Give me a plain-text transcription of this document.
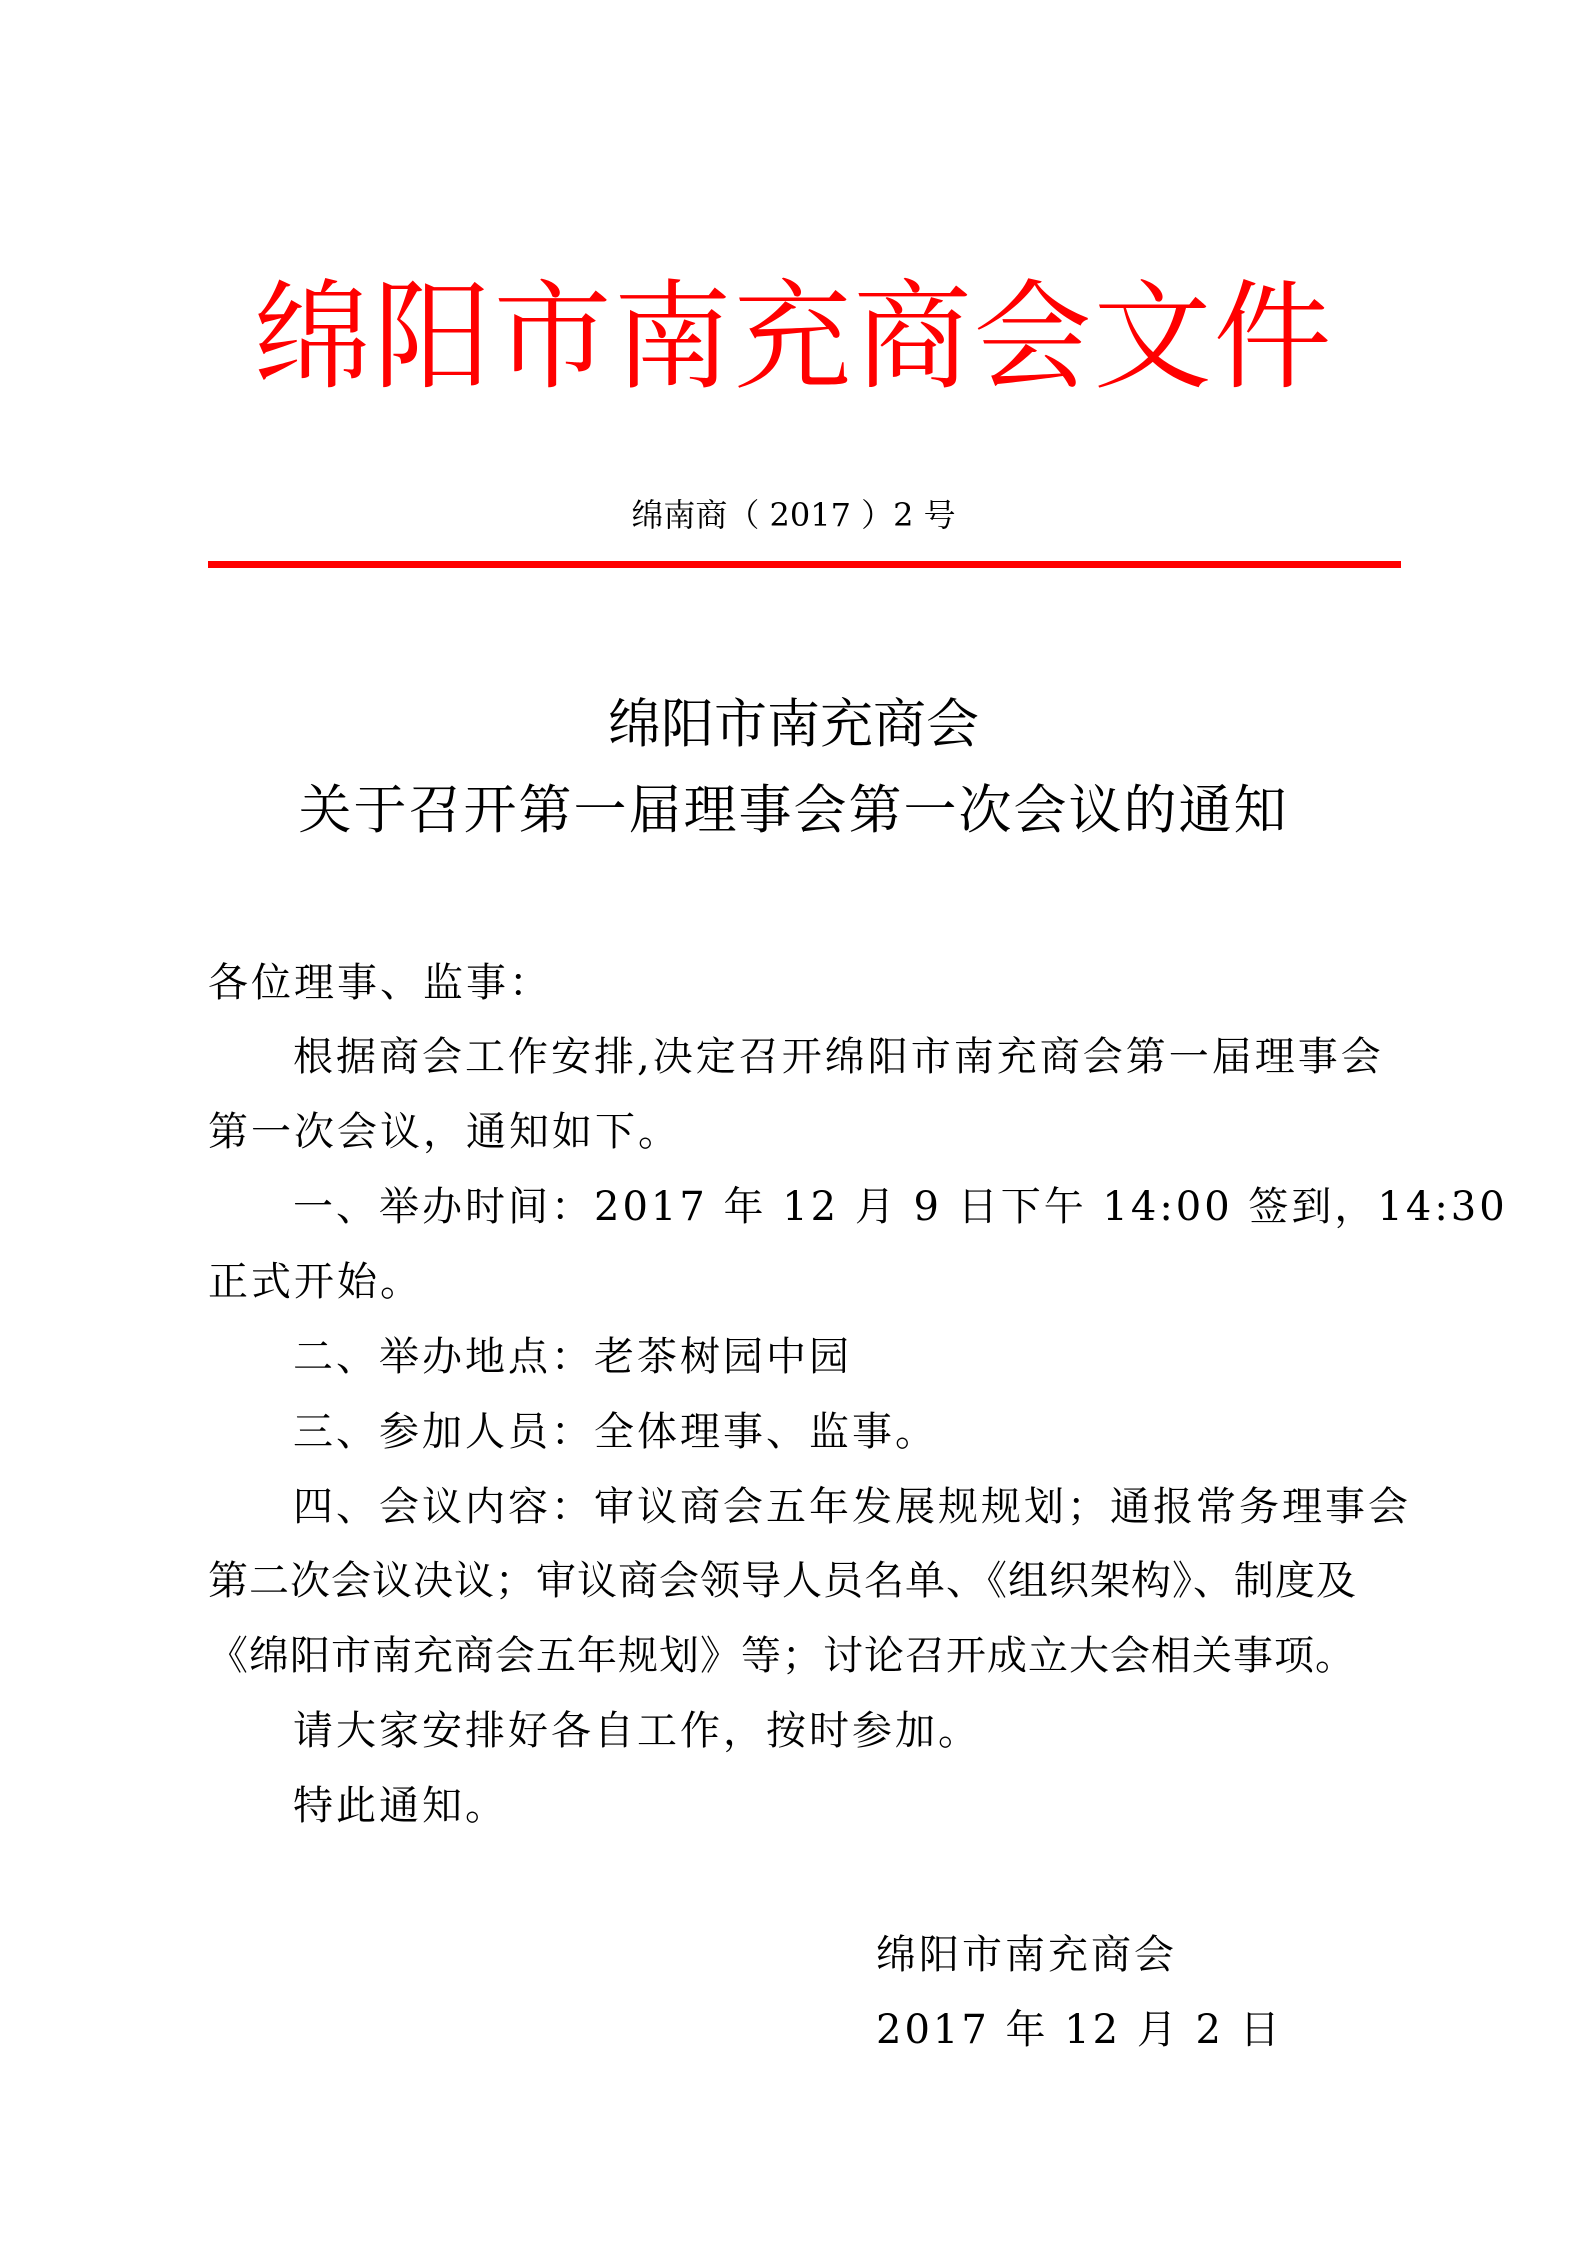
绵阳市南充商会文件
绵南商（ 2017 ）2 号
绵阳市南充商会
关于召开第一届理事会第一次会议的通知
各位理事、监事：
根据商会工作安排,决定召开绵阳市南充商会第一届理事会
第一次会议，通知如下。
一、举办时间：2017 年 12 月 9 日下午 14:00 签到，14:30
正式开始。
二、举办地点：老茶树园中园
三、参加人员：全体理事、监事。
四、会议内容：审议商会五年发展规规划；通报常务理事会
第二次会议决议；审议商会领导人员名单、《组织架构》、制度及
《绵阳市南充商会五年规划》等；讨论召开成立大会相关事项。
请大家安排好各自工作，按时参加。
特此通知。
绵阳市南充商会
2017 年 12 月 2 日
